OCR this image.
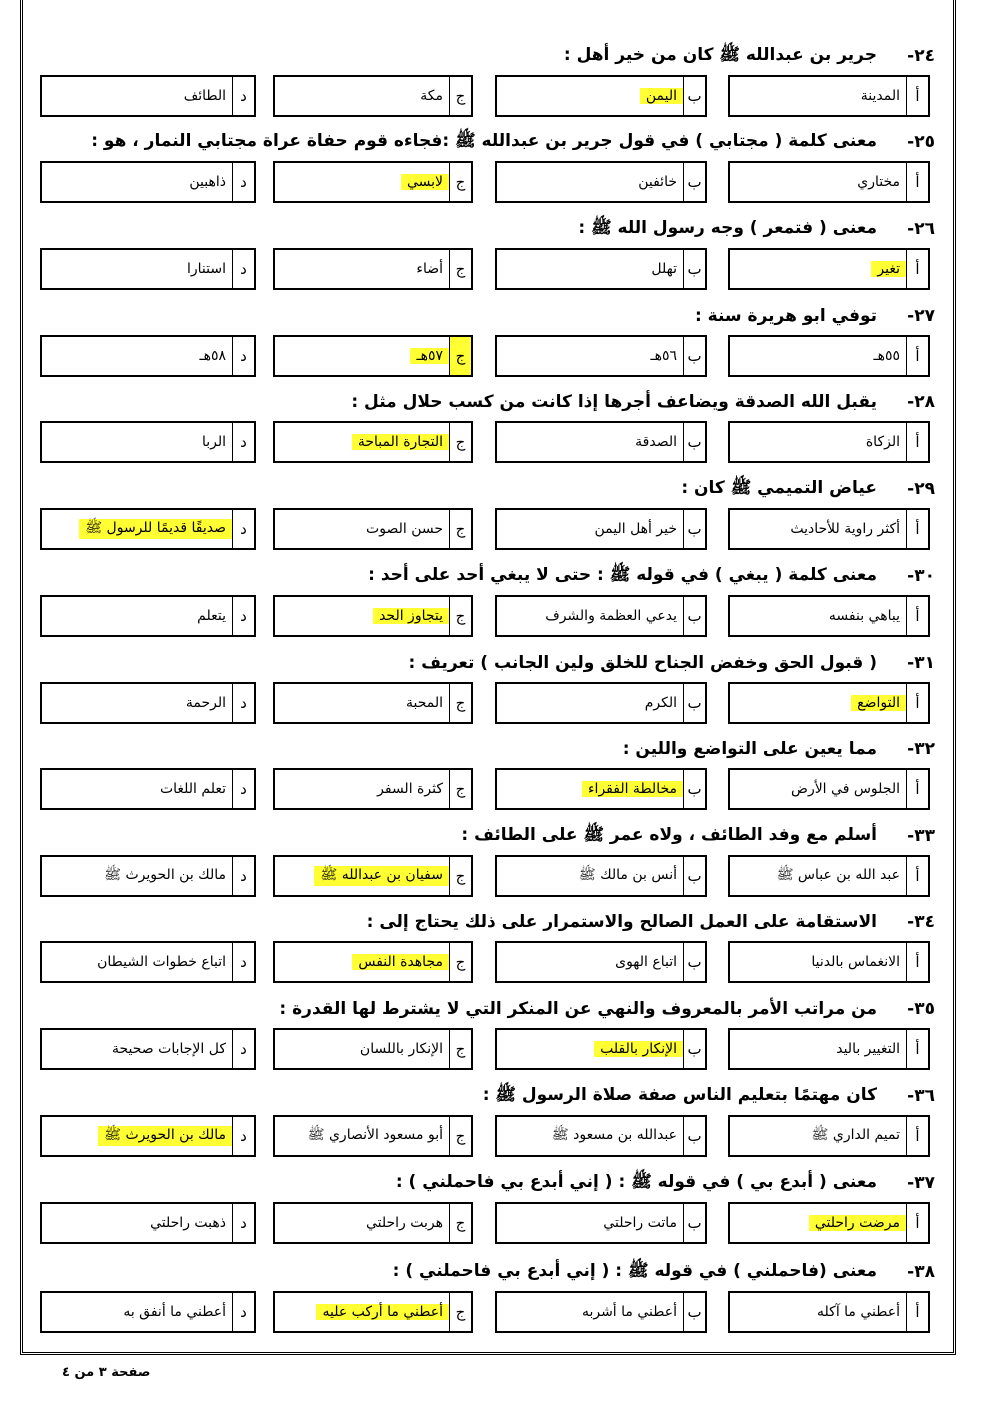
٢٤-
جرير بن عبدالله ﷺ كان من خير أهل :
أ
المدينة
ب
اليمن
ج
مكة
د
الطائف
٢٥-
معنى كلمة ( مجتابي ) في قول جرير بن عبدالله ﷺ :فجاءه قوم حفاة عراة مجتابي النمار ، هو :
أ
مختاري
ب
خائفين
ج
لابسي
د
ذاهبين
٢٦-
معنى ( فتمعر ) وجه رسول الله ﷺ :
أ
تغير
ب
تهلل
ج
أضاء
د
استنارا
٢٧-
توفي ابو هريرة سنة :
أ
٥٥هـ
ب
٥٦هـ
ج
٥٧هـ
د
٥٨هـ
٢٨-
يقبل الله الصدقة ويضاعف أجرها إذا كانت من كسب حلال مثل :
أ
الزكاة
ب
الصدقة
ج
التجارة المباحة
د
الربا
٢٩-
عياض التميمي ﷺ كان :
أ
أكثر راوية للأحاديث
ب
خير أهل اليمن
ج
حسن الصوت
د
صديقًا قديمًا للرسول ﷺ
٣٠-
معنى كلمة ( يبغي ) في قوله ﷺ : حتى لا يبغي أحد على أحد :
أ
يباهي بنفسه
ب
يدعي العظمة والشرف
ج
يتجاوز الحد
د
يتعلم
٣١-
( قبول الحق وخفض الجناح للخلق ولين الجانب ) تعريف :
أ
التواضع
ب
الكرم
ج
المحبة
د
الرحمة
٣٢-
مما يعين على التواضع واللين :
أ
الجلوس في الأرض
ب
مخالطة الفقراء
ج
كثرة السفر
د
تعلم اللغات
٣٣-
أسلم مع وفد الطائف ، ولاه عمر ﷺ على الطائف :
أ
عبد الله بن عباس ﷺ
ب
أنس بن مالك ﷺ
ج
سفيان بن عبدالله ﷺ
د
مالك بن الحويرث ﷺ
٣٤-
الاستقامة على العمل الصالح والاستمرار على ذلك يحتاج إلى :
أ
الانغماس بالدنيا
ب
اتباع الهوى
ج
مجاهدة النفس
د
اتباع خطوات الشيطان
٣٥-
من مراتب الأمر بالمعروف والنهي عن المنكر التي لا يشترط لها القدرة :
أ
التغيير باليد
ب
الإنكار بالقلب
ج
الإنكار باللسان
د
كل الإجابات صحيحة
٣٦-
كان مهتمًا بتعليم الناس صفة صلاة الرسول ﷺ :
أ
تميم الداري ﷺ
ب
عبدالله بن مسعود ﷺ
ج
أبو مسعود الأنصاري ﷺ
د
مالك بن الحويرث ﷺ
٣٧-
معنى ( أبدع بي ) في قوله ﷺ : ( إني أبدع بي فاحملني ) :
أ
مرضت راحلتي
ب
ماتت راحلتي
ج
هربت راحلتي
د
ذهبت راحلتي
٣٨-
معنى (فاحملني ) في قوله ﷺ : ( إني أبدع بي فاحملني ) :
أ
أعطني ما آكله
ب
أعطني ما أشربه
ج
أعطني ما أركب عليه
د
أعطني ما أنفق به
صفحة ٣ من ٤
